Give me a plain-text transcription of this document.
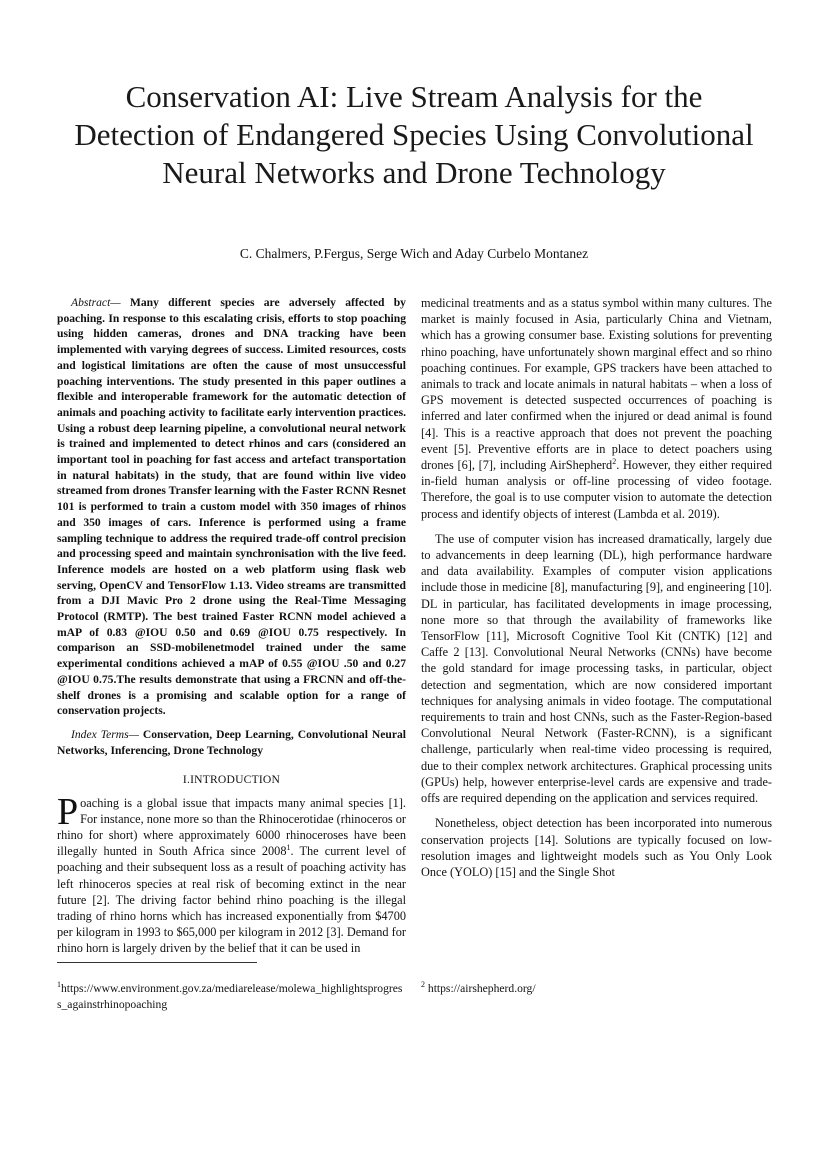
Conservation AI: Live Stream Analysis for the Detection of Endangered Species Using Convolutional Neural Networks and Drone Technology

C. Chalmers, P.Fergus, Serge Wich and Aday Curbelo Montanez

Abstract— Many different species are adversely affected by poaching. In response to this escalating crisis, efforts to stop poaching using hidden cameras, drones and DNA tracking have been implemented with varying degrees of success. Limited resources, costs and logistical limitations are often the cause of most unsuccessful poaching interventions. The study presented in this paper outlines a flexible and interoperable framework for the automatic detection of animals and poaching activity to facilitate early intervention practices. Using a robust deep learning pipeline, a convolutional neural network is trained and implemented to detect rhinos and cars (considered an important tool in poaching for fast access and artefact transportation in natural habitats) in the study, that are found within live video streamed from drones Transfer learning with the Faster RCNN Resnet 101 is performed to train a custom model with 350 images of rhinos and 350 images of cars. Inference is performed using a frame sampling technique to address the required trade-off control precision and processing speed and maintain synchronisation with the live feed. Inference models are hosted on a web platform using flask web serving, OpenCV and TensorFlow 1.13. Video streams are transmitted from a DJI Mavic Pro 2 drone using the Real-Time Messaging Protocol (RMTP). The best trained Faster RCNN model achieved a mAP of 0.83 @IOU 0.50 and 0.69 @IOU 0.75 respectively. In comparison an SSD-mobilenetmodel trained under the same experimental conditions achieved a mAP of 0.55 @IOU .50 and 0.27 @IOU 0.75.The results demonstrate that using a FRCNN and off-the-shelf drones is a promising and scalable option for a range of conservation projects.

Index Terms— Conservation, Deep Learning, Convolutional Neural Networks, Inferencing, Drone Technology

I.INTRODUCTION

Poaching is a global issue that impacts many animal species [1]. For instance, none more so than the Rhinocerotidae (rhinoceros or rhino for short) where approximately 6000 rhinoceroses have been illegally hunted in South Africa since 2008$^1$. The current level of poaching and their subsequent loss as a result of poaching activity has left rhinoceros species at real risk of becoming extinct in the near future [2]. The driving factor behind rhino poaching is the illegal trading of rhino horns which has increased exponentially from $4700 per kilogram in 1993 to $65,000 per kilogram in 2012 [3]. Demand for rhino horn is largely driven by the belief that it can be used in

medicinal treatments and as a status symbol within many cultures. The market is mainly focused in Asia, particularly China and Vietnam, which has a growing consumer base. Existing solutions for preventing rhino poaching, have unfortunately shown marginal effect and so rhino poaching continues. For example, GPS trackers have been attached to animals to track and locate animals in natural habitats – when a loss of GPS movement is detected suspected occurrences of poaching is inferred and later confirmed when the injured or dead animal is found [4]. This is a reactive approach that does not prevent the poaching event [5]. Preventive efforts are in place to detect poachers using drones [6], [7], including AirShepherd$^2$. However, they either required in-field human analysis or off-line processing of video footage. Therefore, the goal is to use computer vision to automate the detection process and identify objects of interest (Lambda et al. 2019).

The use of computer vision has increased dramatically, largely due to advancements in deep learning (DL), high performance hardware and data availability. Examples of computer vision applications include those in medicine [8], manufacturing [9], and engineering [10]. DL in particular, has facilitated developments in image processing, none more so that through the availability of frameworks like TensorFlow [11], Microsoft Cognitive Tool Kit (CNTK) [12] and Caffe 2 [13]. Convolutional Neural Networks (CNNs) have become the gold standard for image processing tasks, in particular, object detection and segmentation, which are now considered important techniques for analysing animals in video footage. The computational requirements to train and host CNNs, such as the Faster-Region-based Convolutional Neural Network (Faster-RCNN), is a significant challenge, particularly when real-time video processing is required, due to their complex network architectures. Graphical processing units (GPUs) help, however enterprise-level cards are expensive and trade-offs are required depending on the application and services required.

Nonetheless, object detection has been incorporated into numerous conservation projects [14]. Solutions are typically focused on low-resolution images and lightweight models such as You Only Look Once (YOLO) [15] and the Single Shot

$^1$https://www.environment.gov.za/mediarelease/molewa_highlightsprogress_againstrhinopoaching

$^2$ https://airshepherd.org/
